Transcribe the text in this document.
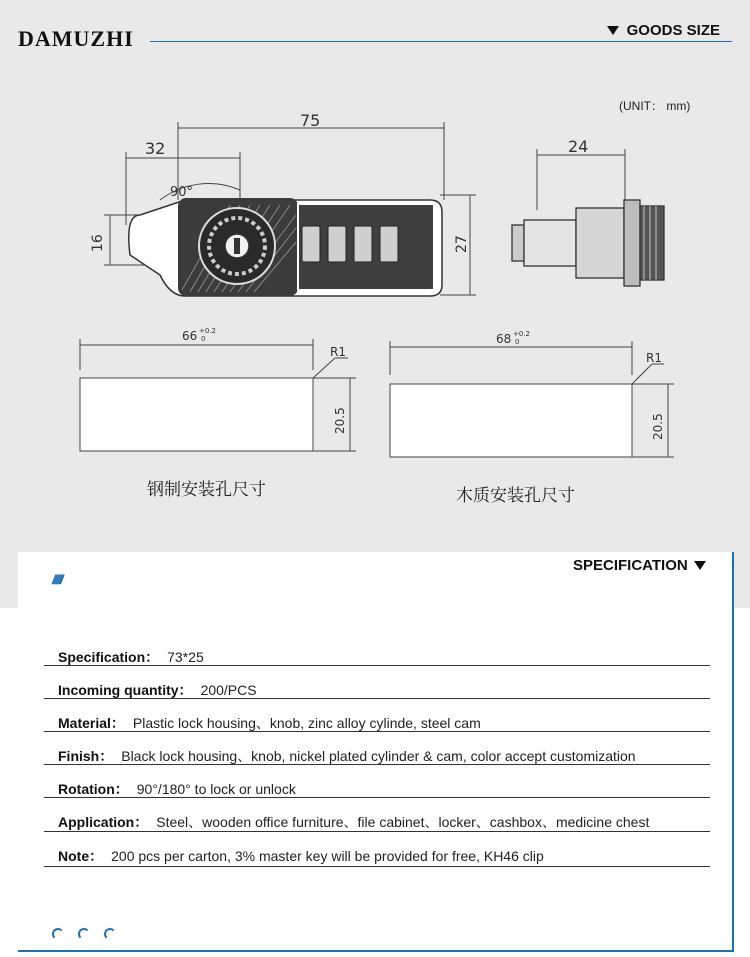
DAMUZHI	GOODS SIZE
(UNIT： mm)
75
32
90°
16	27
24
66 +0.2
0	68 +0.2
0
R1	R1
20.5	20.5
钢制安装孔尺寸	木质安装孔尺寸
SPECIFICATION
//////
Specification： 73*25
Incoming quantity： 200/PCS
Material： Plastic lock housing、knob, zinc alloy cylinde, steel cam
Finish： Black lock housing、knob, nickel plated cylinder & cam, color accept customization
Rotation： 90°/180° to lock or unlock
Application： Steel、wooden office furniture、file cabinet、locker、cashbox、medicine chest
Note： 200 pcs per carton, 3% master key will be provided for free, KH46 clip
